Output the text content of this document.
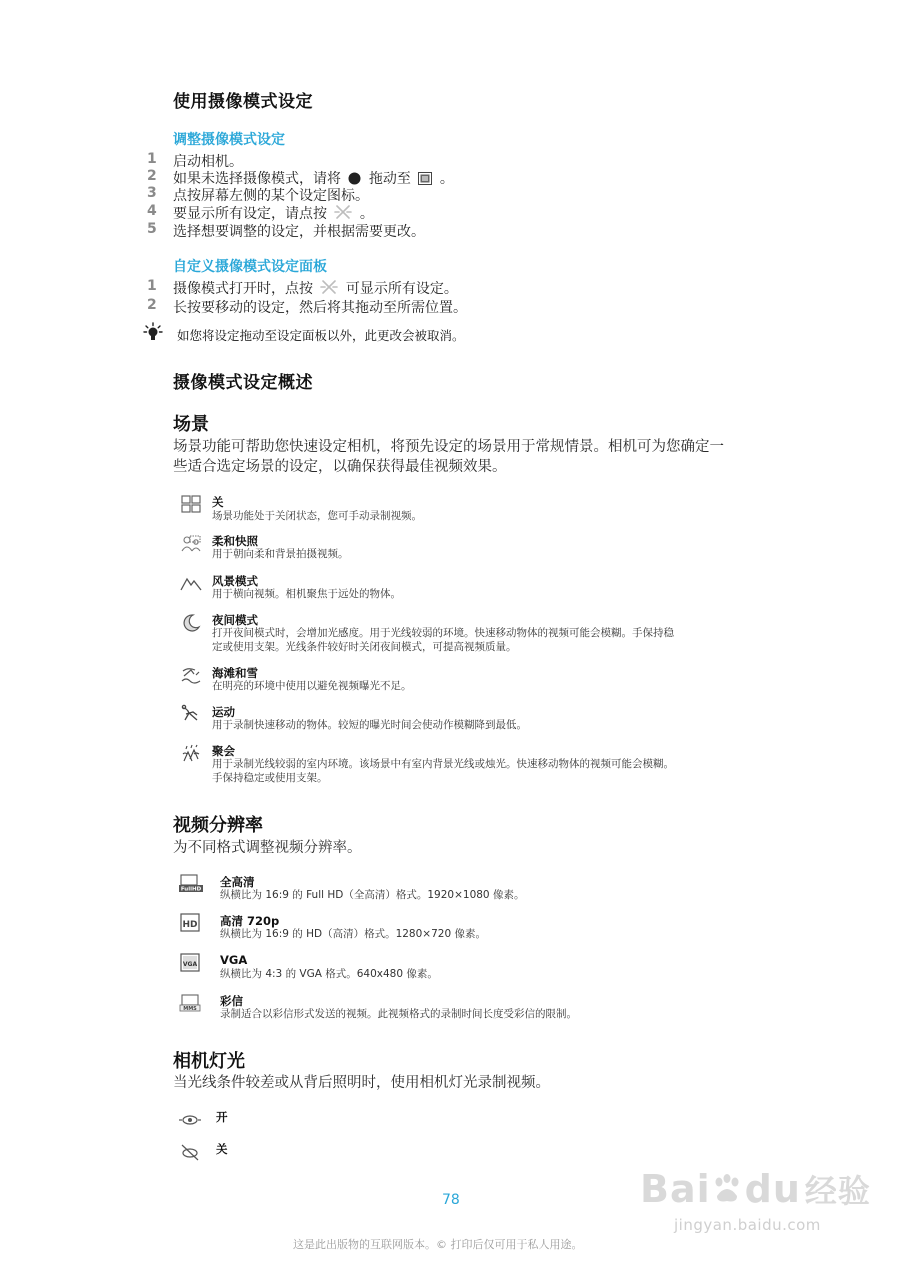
使用摄像模式设定
调整摄像模式设定
1	启动相机。
2	如果未选择摄像模式，请将 拖动至 。
3	点按屏幕左侧的某个设定图标。
4	要显示所有设定，请点按 。
5	选择想要调整的设定，并根据需要更改。
自定义摄像模式设定面板
1	摄像模式打开时，点按 可显示所有设定。
2	长按要移动的设定，然后将其拖动至所需位置。
如您将设定拖动至设定面板以外，此更改会被取消。
摄像模式设定概述
场景
场景功能可帮助您快速设定相机，将预先设定的场景用于常规情景。相机可为您确定一
些适合选定场景的设定，以确保获得最佳视频效果。
关
场景功能处于关闭状态，您可手动录制视频。
柔和快照
用于朝向柔和背景拍摄视频。
风景模式
用于横向视频。相机聚焦于远处的物体。
夜间模式
打开夜间模式时，会增加光感度。用于光线较弱的环境。快速移动物体的视频可能会模糊。手保持稳
定或使用支架。光线条件较好时关闭夜间模式，可提高视频质量。
海滩和雪
在明亮的环境中使用以避免视频曝光不足。
运动
用于录制快速移动的物体。较短的曝光时间会使动作模糊降到最低。
聚会
用于录制光线较弱的室内环境。该场景中有室内背景光线或烛光。快速移动物体的视频可能会模糊。
手保持稳定或使用支架。
视频分辨率
为不同格式调整视频分辨率。
FullHD
全高清
纵横比为 16:9 的 Full HD（全高清）格式。1920×1080 像素。
HD 高清 720p
纵横比为 16:9 的 HD（高清）格式。1280×720 像素。
VGA VGA
纵横比为 4:3 的 VGA 格式。640x480 像素。
MMS
彩信
录制适合以彩信形式发送的视频。此视频格式的录制时间长度受彩信的限制。
相机灯光
当光线条件较差或从背后照明时，使用相机灯光录制视频。
开
关
78
这是此出版物的互联网版本。© 打印后仅可用于私人用途。
Bai du 经验
jingyan.baidu.com
